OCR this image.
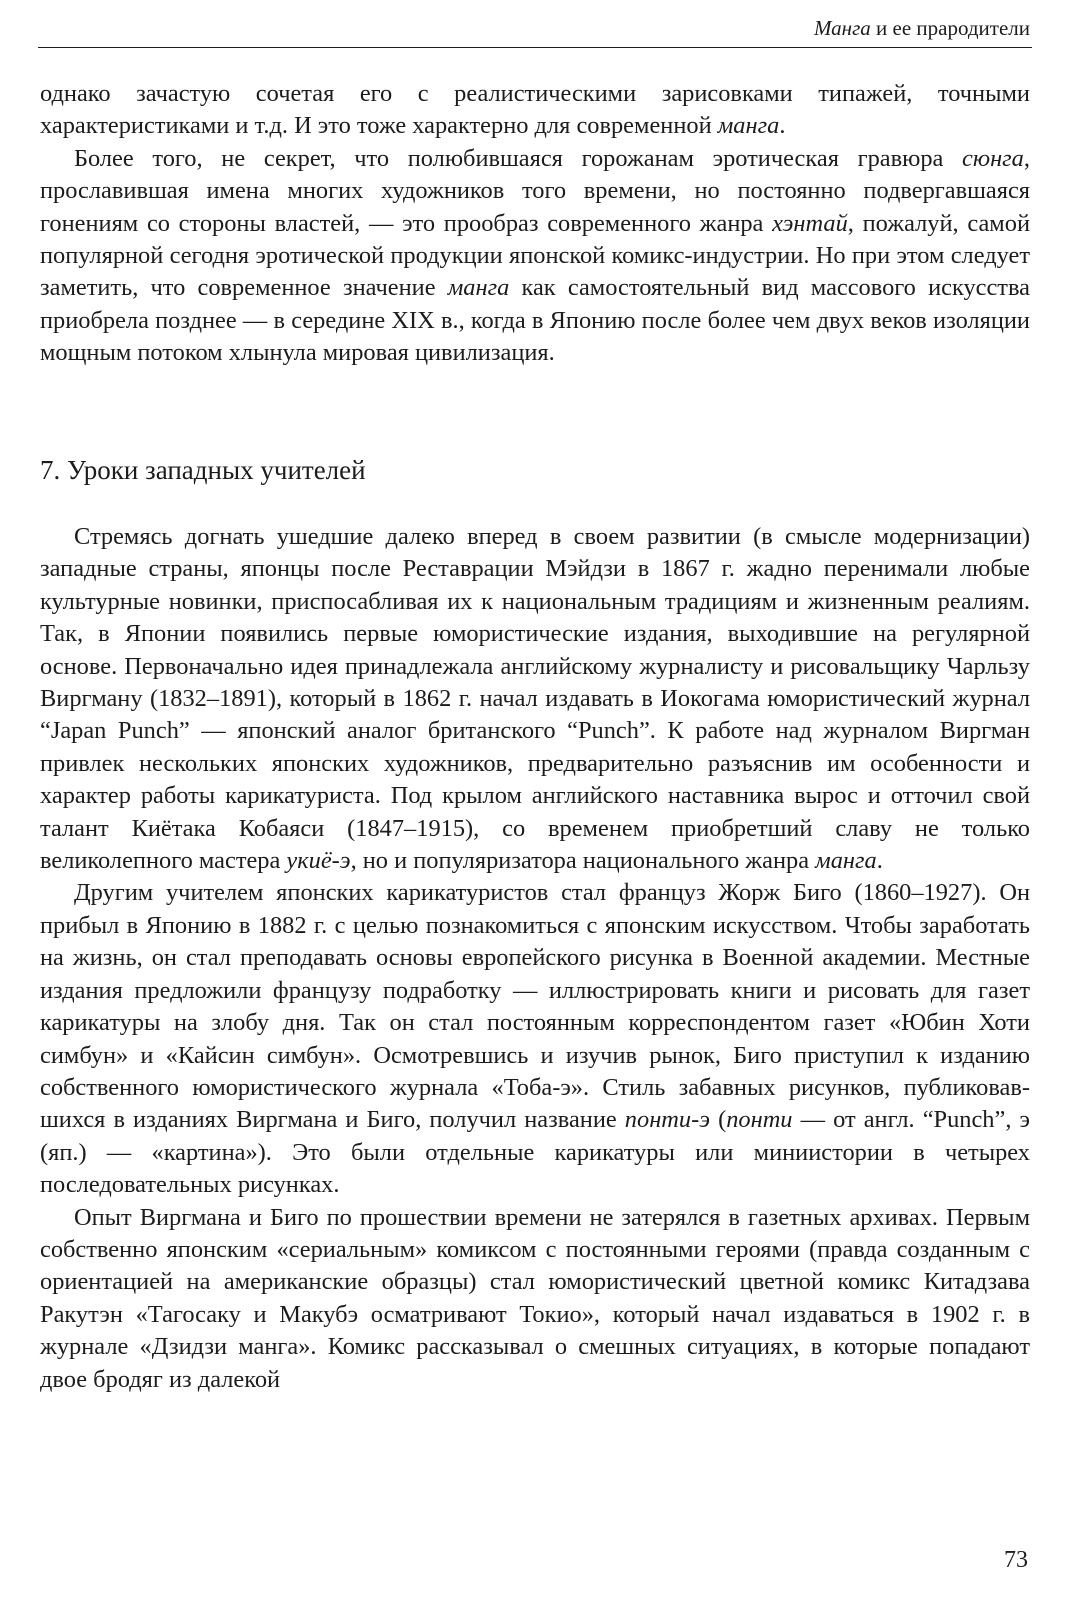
Манга и ее прародители

однако зачастую сочетая его с реалистическими зарисовками типажей, точными характеристиками и т.д. И это тоже характерно для современной манга.

Более того, не секрет, что полюбившаяся горожанам эротическая гравюра сюнга, прославившая имена многих художников того времени, но постоянно подвергавшаяся гонениям со стороны властей, — это прообраз современного жанра хэнтай, пожалуй, самой популярной сегодня эротической продукции японской комикс-индустрии. Но при этом следует заметить, что современное значение манга как самостоятельный вид массового искусства приобрела позднее — в середине XIX в., когда в Японию после более чем двух веков изоляции мощным потоком хлынула мировая цивилизация.

7. Уроки западных учителей

Стремясь догнать ушедшие далеко вперед в своем развитии (в смысле модернизации) западные страны, японцы после Реставрации Мэйдзи в 1867 г. жадно перенимали любые культурные новинки, приспосабливая их к национальным традициям и жизненным реалиям. Так, в Японии появились первые юмористические издания, выходившие на регулярной основе. Первоначально идея принадлежала английскому журналисту и рисовальщику Чарльзу Виргману (1832–1891), который в 1862 г. начал издавать в Иокогама юмористический журнал “Japan Punch” — японский аналог британского “Punch”. К работе над журналом Виргман привлек нескольких японских художников, предварительно разъяснив им особенности и характер работы карикатуриста. Под крылом английского наставника вырос и отточил свой талант Киётака Кобаяси (1847–1915), со временем приобретший славу не только великолепного мастера укиё-э, но и популяризатора национального жанра манга.

Другим учителем японских карикатуристов стал француз Жорж Биго (1860–1927). Он прибыл в Японию в 1882 г. с целью познакомиться с японским искусством. Чтобы заработать на жизнь, он стал преподавать основы европейского рисунка в Военной академии. Местные издания предложили французу подработку — иллюстрировать книги и рисовать для газет карикатуры на злобу дня. Так он стал постоянным корреспондентом газет «Юбин Хоти симбун» и «Кайсин симбун». Осмотревшись и изучив рынок, Биго приступил к изданию собственного юмористического журнала «Тоба-э». Стиль забавных рисунков, публиковавшихся в изданиях Виргмана и Биго, получил название понти-э (понти — от англ. “Punch”, э (яп.) — «картина»). Это были отдельные карикатуры или миниистории в четырех последовательных рисунках.

Опыт Виргмана и Биго по прошествии времени не затерялся в газетных архивах. Первым собственно японским «сериальным» комиксом с постоянными героями (правда созданным с ориентацией на американские образцы) стал юмористический цветной комикс Китадзава Ракутэн «Тагосаку и Макубэ осматривают Токио», который начал издаваться в 1902 г. в журнале «Дзидзи манга». Комикс рассказывал о смешных ситуациях, в которые попадают двое бродяг из далекой

73
